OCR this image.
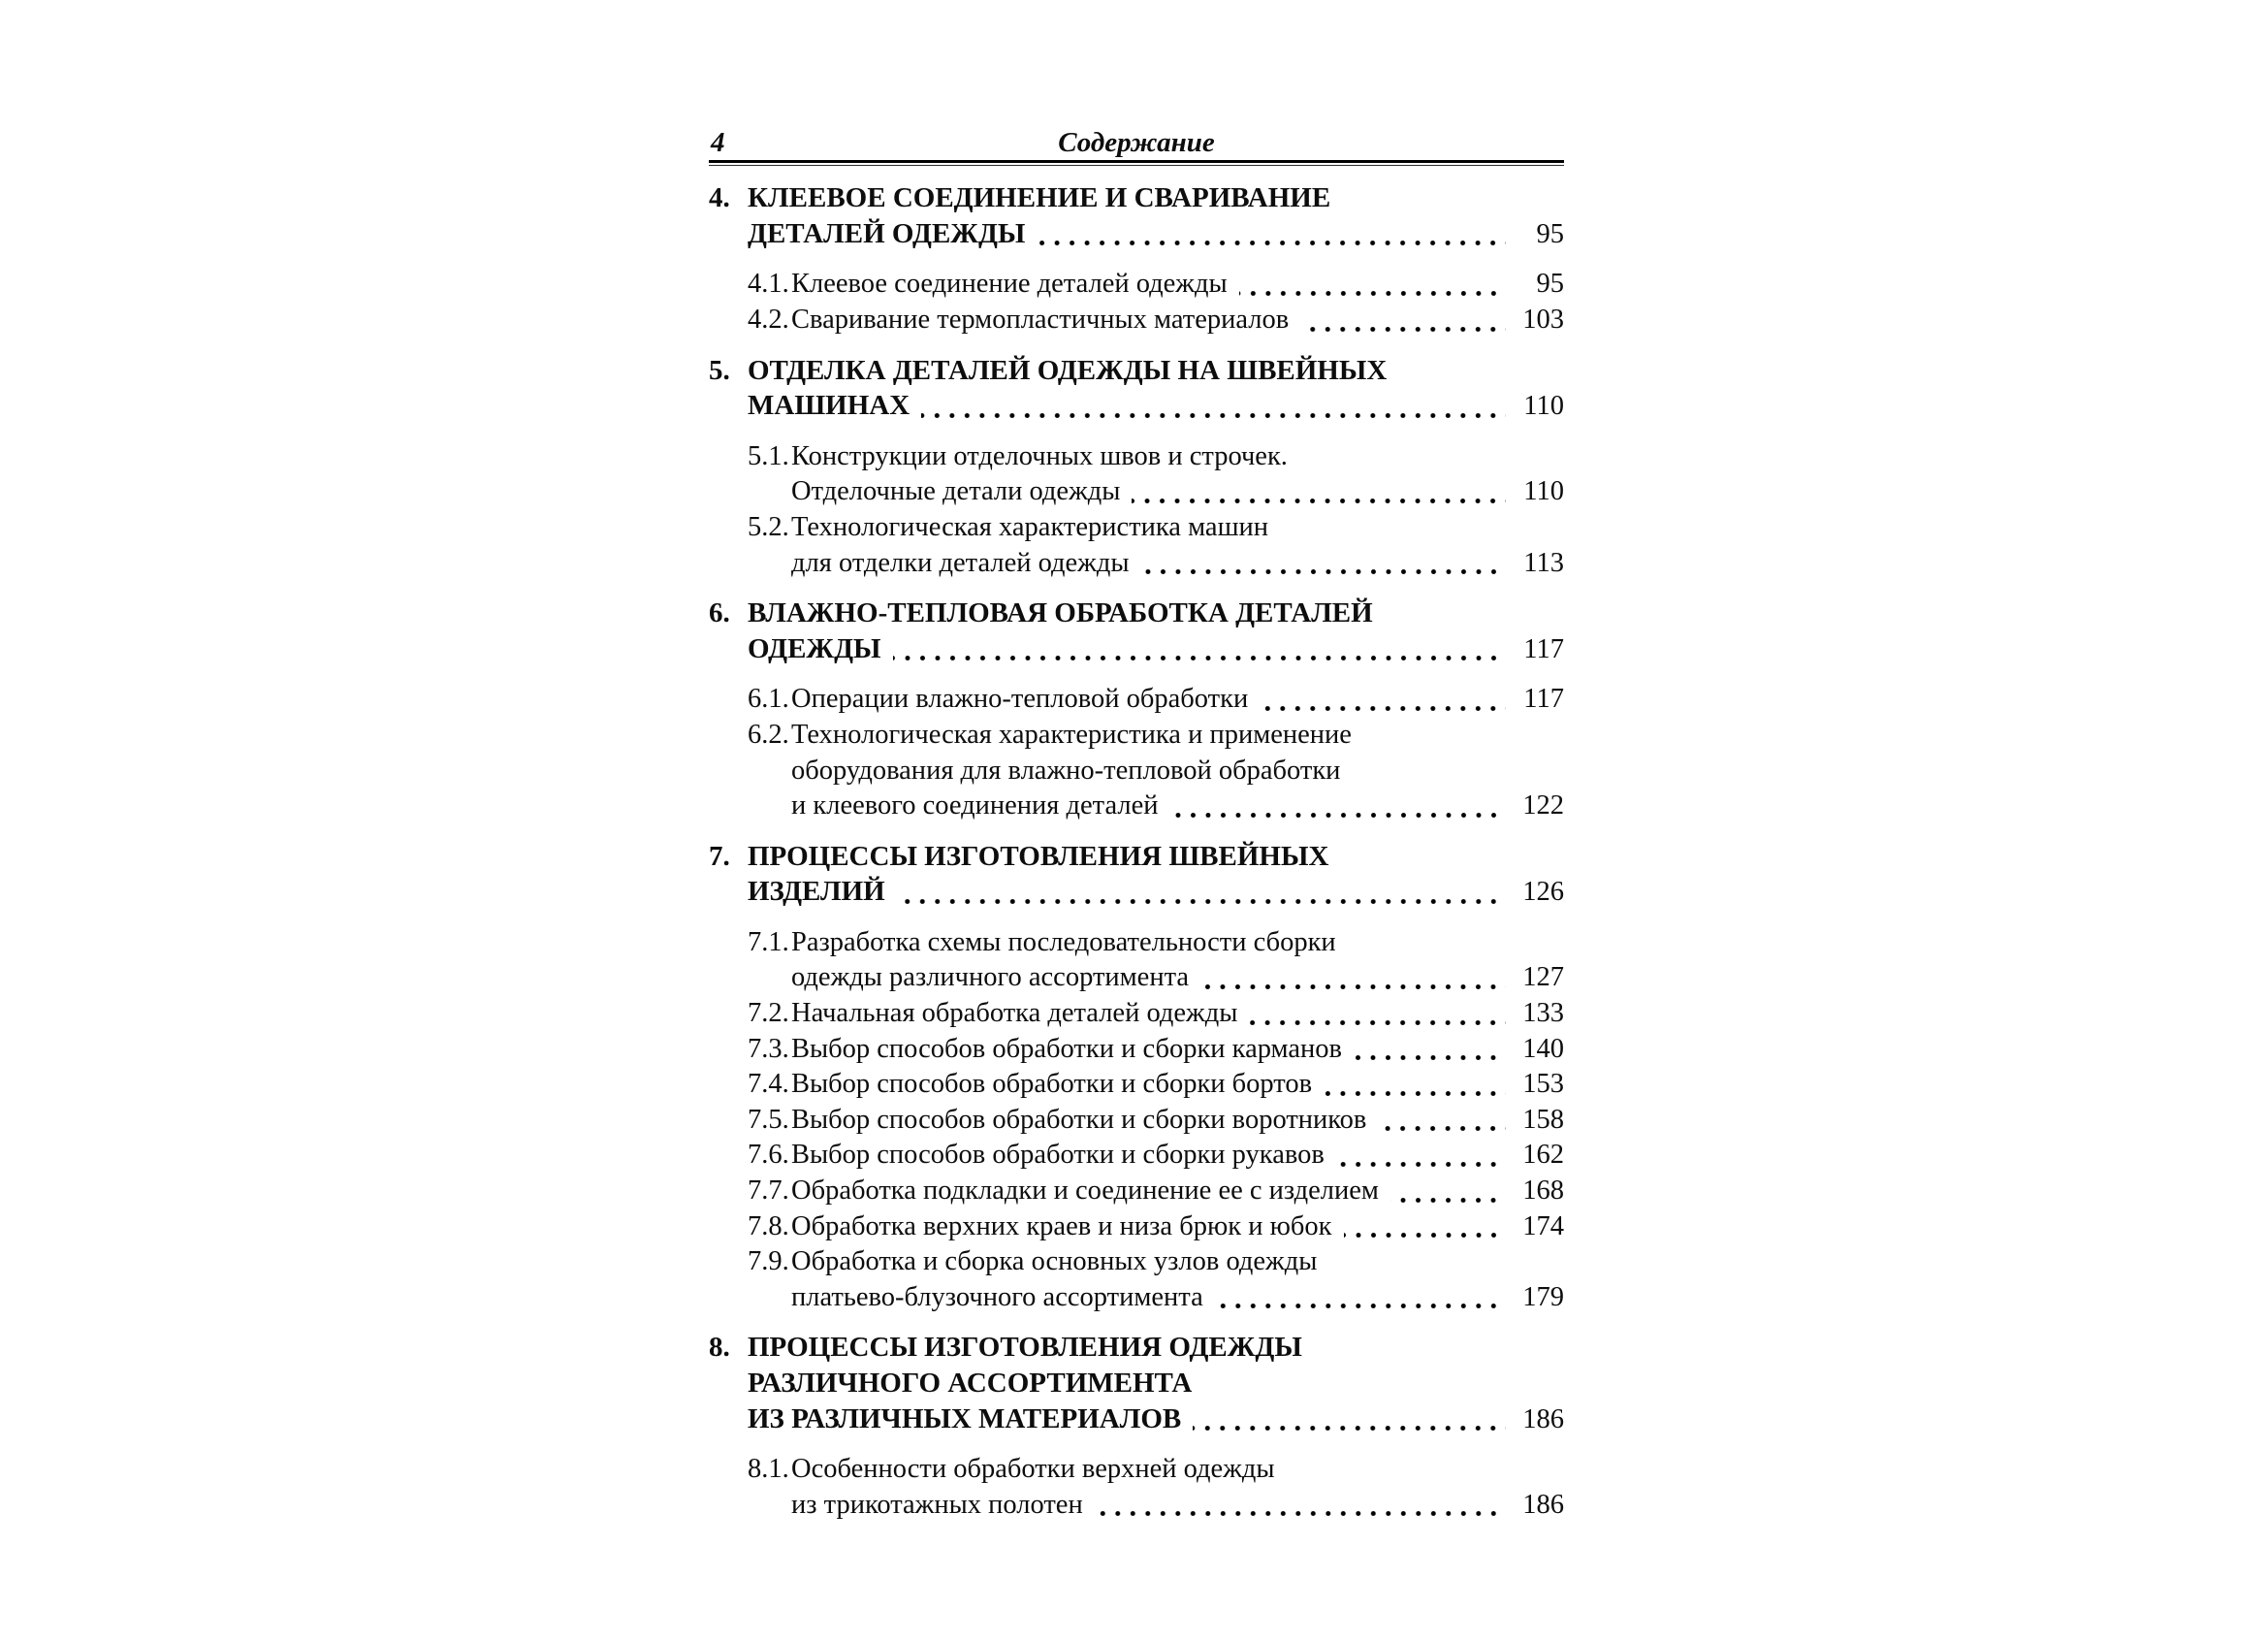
4	Содержание
4. КЛЕЕВОЕ СОЕДИНЕНИЕ И СВАРИВАНИЕ
ДЕТАЛЕЙ ОДЕЖДЫ	95
4.1. Клеевое соединение деталей одежды	95
4.2. Сваривание термопластичных материалов	103
5. ОТДЕЛКА ДЕТАЛЕЙ ОДЕЖДЫ НА ШВЕЙНЫХ
МАШИНАХ	110
5.1. Конструкции отделочных швов и строчек.
Отделочные детали одежды	110
5.2. Технологическая характеристика машин
для отделки деталей одежды	113
6. ВЛАЖНО-ТЕПЛОВАЯ ОБРАБОТКА ДЕТАЛЕЙ
ОДЕЖДЫ	117
6.1. Операции влажно-тепловой обработки	117
6.2. Технологическая характеристика и применение
оборудования для влажно-тепловой обработки
и клеевого соединения деталей	122
7. ПРОЦЕССЫ ИЗГОТОВЛЕНИЯ ШВЕЙНЫХ
ИЗДЕЛИЙ	126
7.1. Разработка схемы последовательности сборки
одежды различного ассортимента	127
7.2. Начальная обработка деталей одежды	133
7.3. Выбор способов обработки и сборки карманов	140
7.4. Выбор способов обработки и сборки бортов	153
7.5. Выбор способов обработки и сборки воротников	158
7.6. Выбор способов обработки и сборки рукавов	162
7.7. Обработка подкладки и соединение ее с изделием	168
7.8. Обработка верхних краев и низа брюк и юбок	174
7.9. Обработка и сборка основных узлов одежды
платьево-блузочного ассортимента	179
8. ПРОЦЕССЫ ИЗГОТОВЛЕНИЯ ОДЕЖДЫ
РАЗЛИЧНОГО АССОРТИМЕНТА
ИЗ РАЗЛИЧНЫХ МАТЕРИАЛОВ	186
8.1. Особенности обработки верхней одежды
из трикотажных полотен	186
